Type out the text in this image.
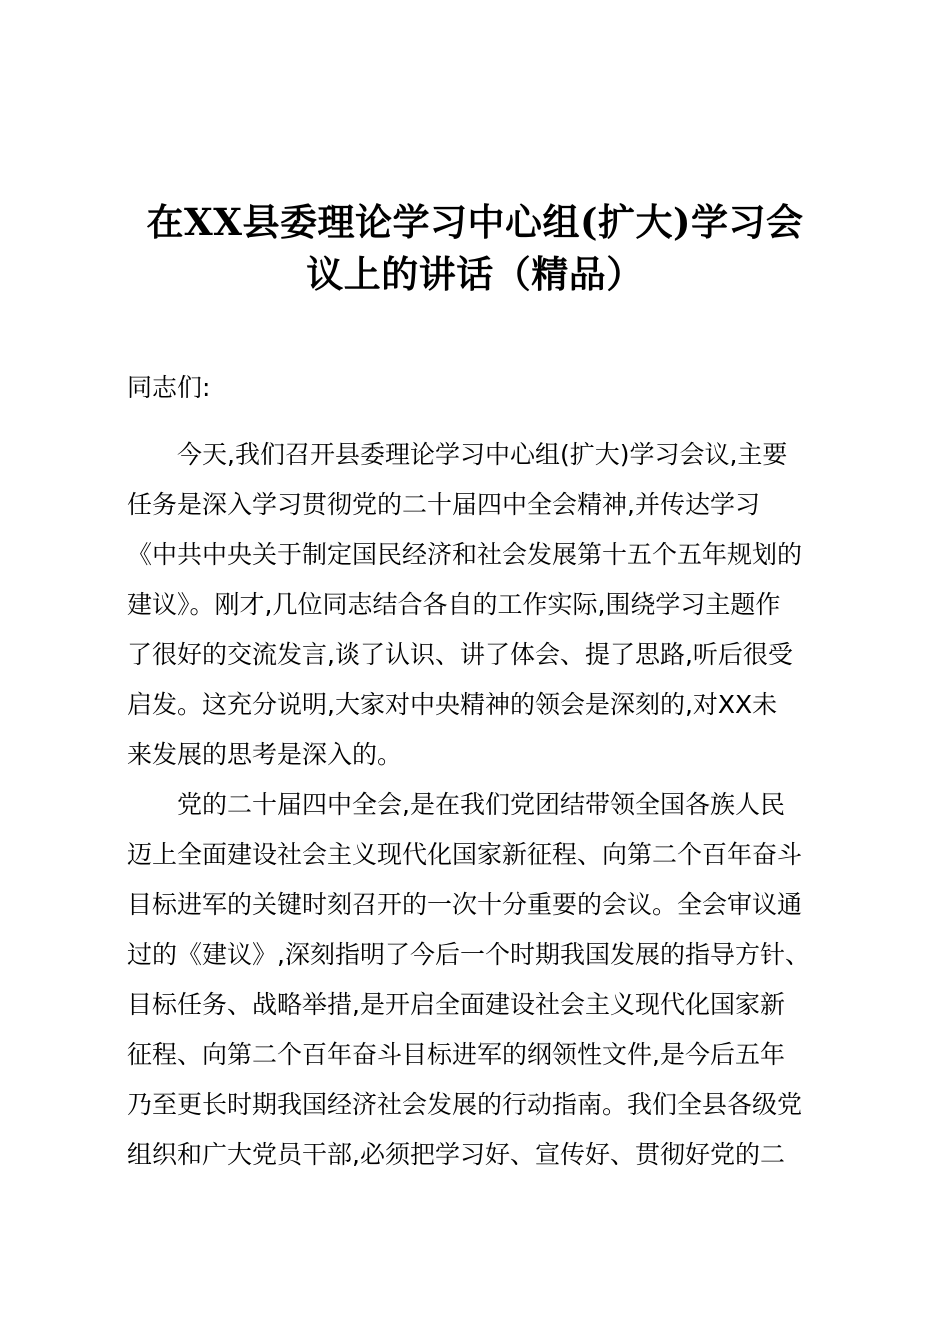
在XX县委理论学习中心组(扩大)学习会
议上的讲话（精品）
同志们:
今天,我们召开县委理论学习中心组(扩大)学习会议,主要
任务是深入学习贯彻党的二十届四中全会精神,并传达学习
《中共中央关于制定国民经济和社会发展第十五个五年规划的
建议》。刚才,几位同志结合各自的工作实际,围绕学习主题作
了很好的交流发言,谈了认识、讲了体会、提了思路,听后很受
启发。这充分说明,大家对中央精神的领会是深刻的,对XX未
来发展的思考是深入的。
党的二十届四中全会,是在我们党团结带领全国各族人民
迈上全面建设社会主义现代化国家新征程、向第二个百年奋斗
目标进军的关键时刻召开的一次十分重要的会议。全会审议通
过的《建议》,深刻指明了今后一个时期我国发展的指导方针、
目标任务、战略举措,是开启全面建设社会主义现代化国家新
征程、向第二个百年奋斗目标进军的纲领性文件,是今后五年
乃至更长时期我国经济社会发展的行动指南。我们全县各级党
组织和广大党员干部,必须把学习好、宣传好、贯彻好党的二
